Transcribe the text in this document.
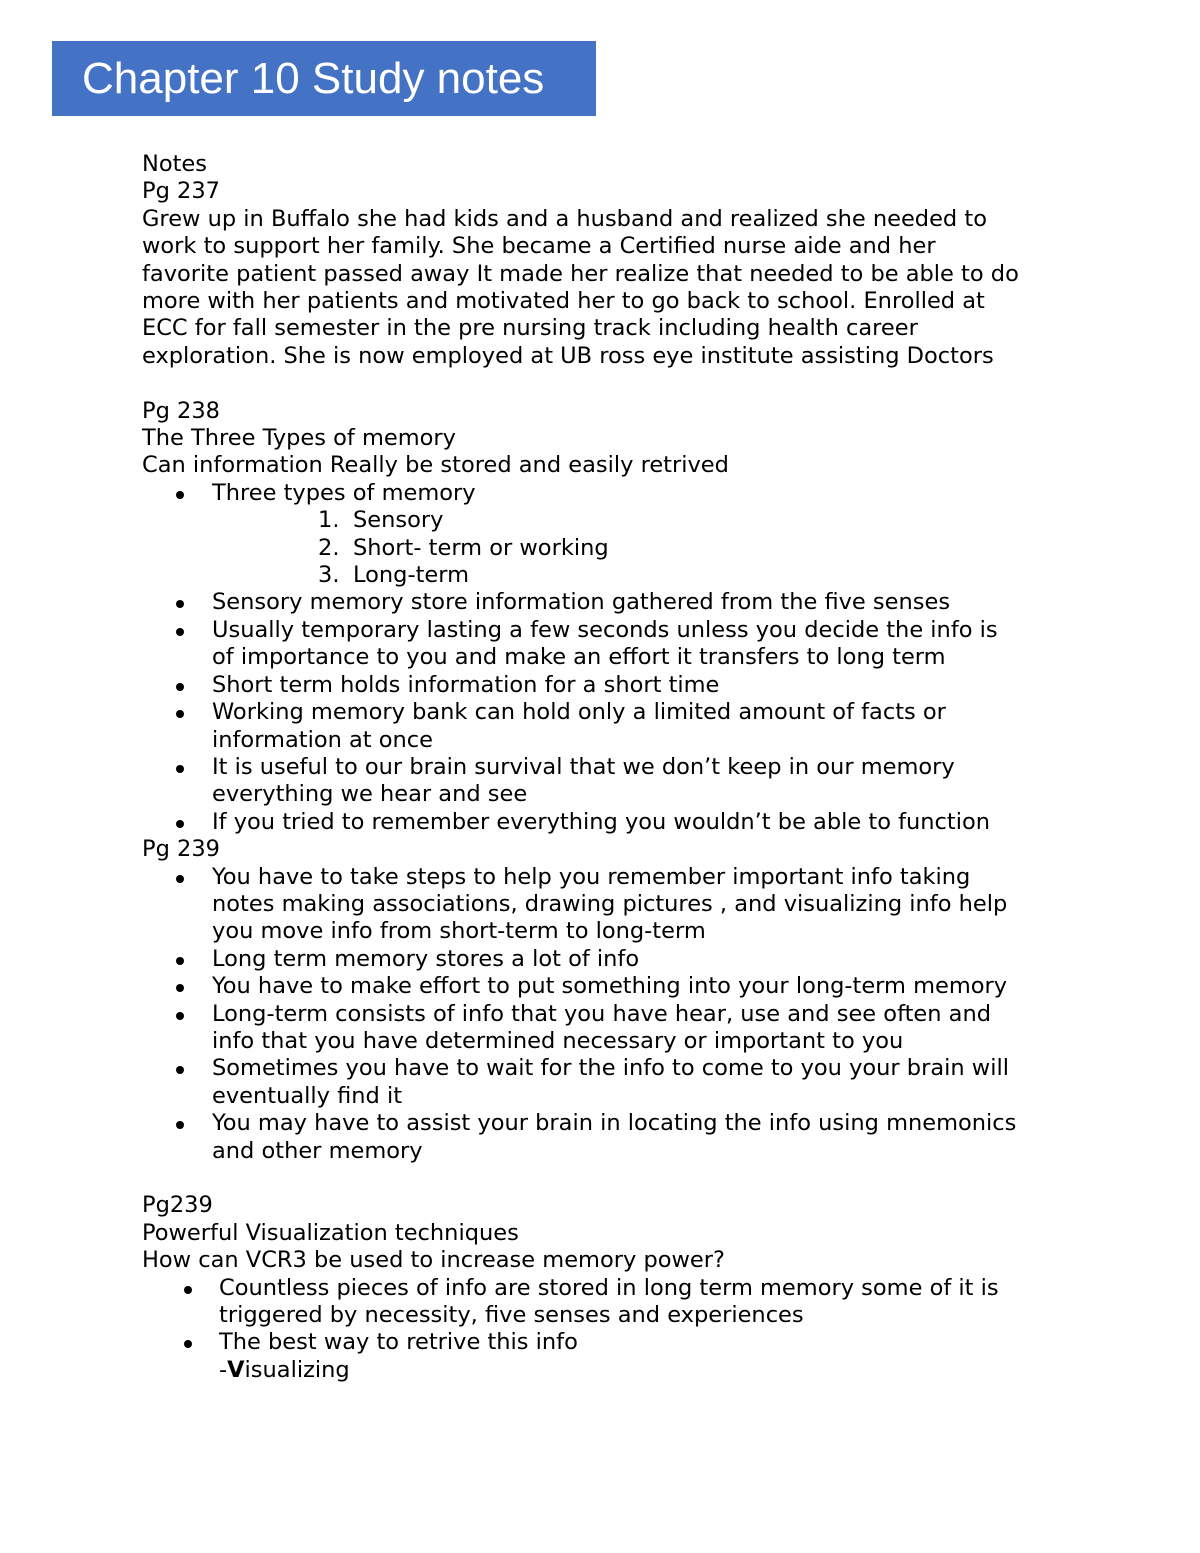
Chapter 10 Study notes
Notes
Pg 237
Grew up in Buffalo she had kids and a husband and realized she needed to
work to support her family. She became a Certified nurse aide and her
favorite patient passed away It made her realize that needed to be able to do
more with her patients and motivated her to go back to school. Enrolled at
ECC for fall semester in the pre nursing track including health career
exploration. She is now employed at UB ross eye institute assisting Doctors
Pg 238
The Three Types of memory
Can information Really be stored and easily retrived
Three types of memory
1. Sensory
2. Short- term or working
3. Long-term
Sensory memory store information gathered from the five senses
Usually temporary lasting a few seconds unless you decide the info is
of importance to you and make an effort it transfers to long term
Short term holds information for a short time
Working memory bank can hold only a limited amount of facts or
information at once
It is useful to our brain survival that we don’t keep in our memory
everything we hear and see
If you tried to remember everything you wouldn’t be able to function
Pg 239
You have to take steps to help you remember important info taking
notes making associations, drawing pictures , and visualizing info help
you move info from short-term to long-term
Long term memory stores a lot of info
You have to make effort to put something into your long-term memory
Long-term consists of info that you have hear, use and see often and
info that you have determined necessary or important to you
Sometimes you have to wait for the info to come to you your brain will
eventually find it
You may have to assist your brain in locating the info using mnemonics
and other memory
Pg239
Powerful Visualization techniques
How can VCR3 be used to increase memory power?
Countless pieces of info are stored in long term memory some of it is
triggered by necessity, five senses and experiences
The best way to retrive this info
-Visualizing
